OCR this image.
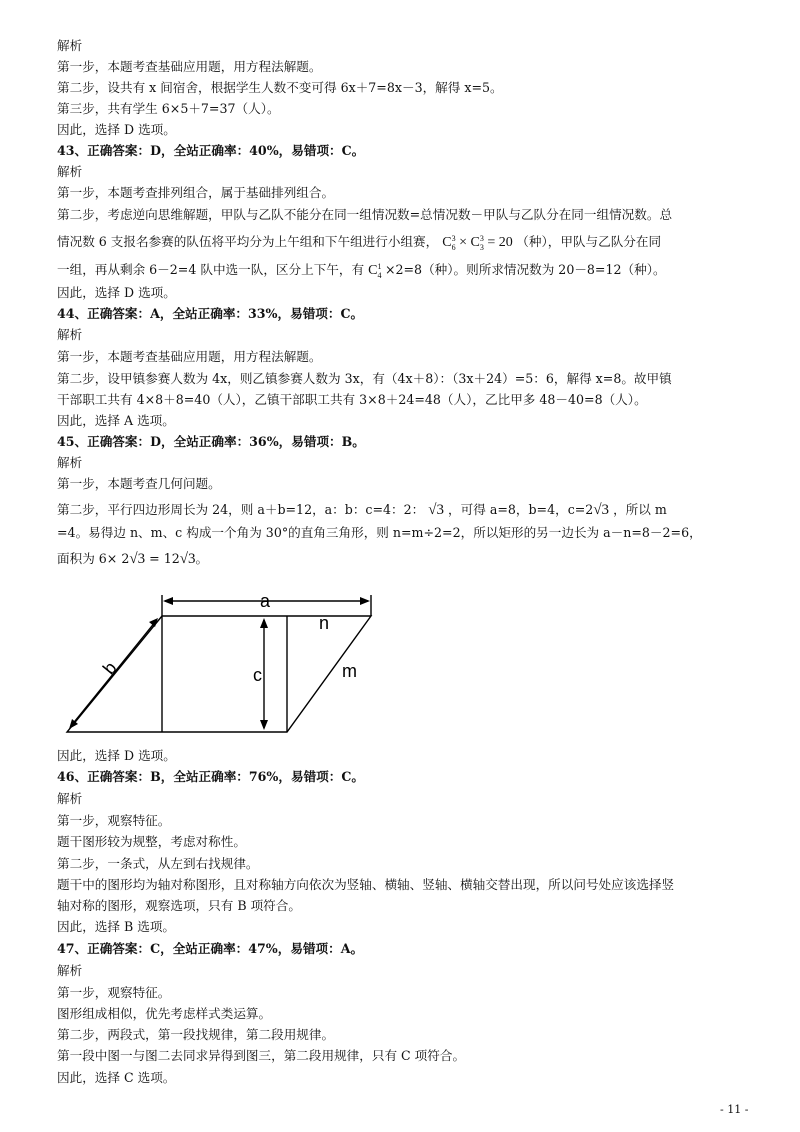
解析
第一步，本题考查基础应用题，用方程法解题。
第二步，设共有 x 间宿舍，根据学生人数不变可得 6x＋7=8x－3，解得 x=5。
第三步，共有学生 6×5＋7=37（人）。
因此，选择 D 选项。
43、正确答案：D，全站正确率：40%，易错项：C。
解析
第一步，本题考查排列组合，属于基础排列组合。
第二步，考虑逆向思维解题，甲队与乙队不能分在同一组情况数=总情况数－甲队与乙队分在同一组情况数。总
情况数 6 支报名参赛的队伍将平均分为上午组和下午组进行小组赛， C 3
6 × C 3
3 = 20 （种），甲队与乙队分在同
一组，再从剩余 6－2=4 队中选一队，区分上下午，有 C 1
4 ×2=8（种）。则所求情况数为 20－8=12（种）。
因此，选择 D 选项。
44、正确答案：A，全站正确率：33%，易错项：C。
解析
第一步，本题考查基础应用题，用方程法解题。
第二步，设甲镇参赛人数为 4x，则乙镇参赛人数为 3x，有（4x＋8）：（3x＋24）=5：6，解得 x=8。故甲镇
干部职工共有 4×8＋8=40（人），乙镇干部职工共有 3×8＋24=48（人），乙比甲多 48－40=8（人）。
因此，选择 A 选项。
45、正确答案：D，全站正确率：36%，易错项：B。
解析
第一步，本题考查几何问题。
第二步，平行四边形周长为 24，则 a＋b=12，a：b：c=4：2： √3 ，可得 a=8，b=4，c=2√3 ，所以 m
=4。易得边 n、m、c 构成一个角为 30°的直角三角形，则 n=m÷2=2，所以矩形的另一边长为 a－n=8－2=6，
面积为 6× 2√3 = 12√3。
a
c
n
m
b
因此，选择 D 选项。
46、正确答案：B，全站正确率：76%，易错项：C。
解析
第一步，观察特征。
题干图形较为规整，考虑对称性。
第二步，一条式，从左到右找规律。
题干中的图形均为轴对称图形，且对称轴方向依次为竖轴、横轴、竖轴、横轴交替出现，所以问号处应该选择竖
轴对称的图形，观察选项，只有 B 项符合。
因此，选择 B 选项。
47、正确答案：C，全站正确率：47%，易错项：A。
解析
第一步，观察特征。
图形组成相似，优先考虑样式类运算。
第二步，两段式，第一段找规律，第二段用规律。
第一段中图一与图二去同求异得到图三，第二段用规律，只有 C 项符合。
因此，选择 C 选项。
- 11 -
